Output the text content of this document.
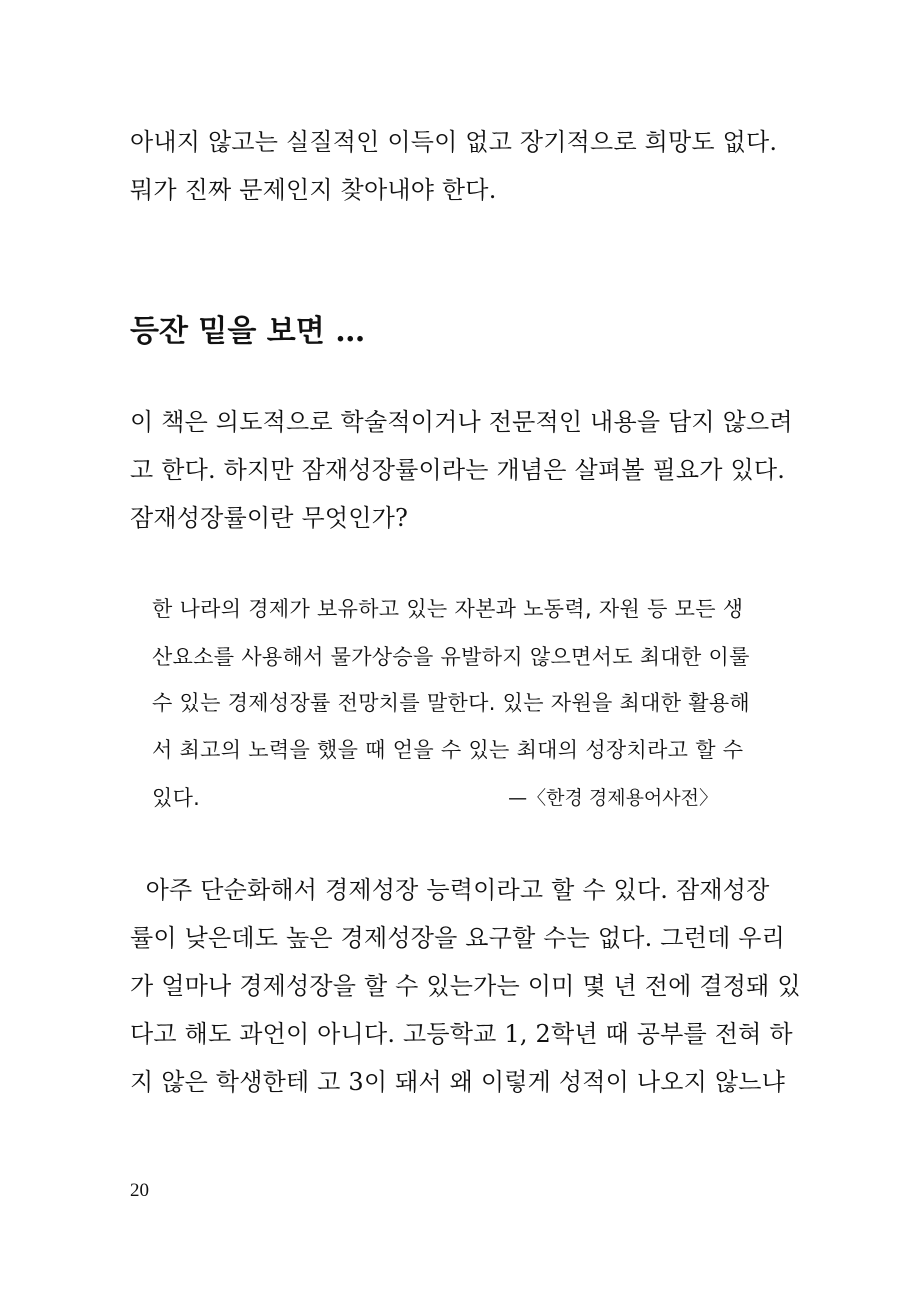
아내지 않고는 실질적인 이득이 없고 장기적으로 희망도 없다.
뭐가 진짜 문제인지 찾아내야 한다.
등잔 밑을 보면 …
이 책은 의도적으로 학술적이거나 전문적인 내용을 담지 않으려
고 한다. 하지만 잠재성장률이라는 개념은 살펴볼 필요가 있다.
잠재성장률이란 무엇인가?
한 나라의 경제가 보유하고 있는 자본과 노동력, 자원 등 모든 생
산요소를 사용해서 물가상승을 유발하지 않으면서도 최대한 이룰
수 있는 경제성장률 전망치를 말한다. 있는 자원을 최대한 활용해
서 최고의 노력을 했을 때 얻을 수 있는 최대의 성장치라고 할 수
있다.	—〈한경 경제용어사전〉
아주 단순화해서 경제성장 능력이라고 할 수 있다. 잠재성장
률이 낮은데도 높은 경제성장을 요구할 수는 없다. 그런데 우리
가 얼마나 경제성장을 할 수 있는가는 이미 몇 년 전에 결정돼 있
다고 해도 과언이 아니다. 고등학교 1, 2학년 때 공부를 전혀 하
지 않은 학생한테 고 3이 돼서 왜 이렇게 성적이 나오지 않느냐
20
